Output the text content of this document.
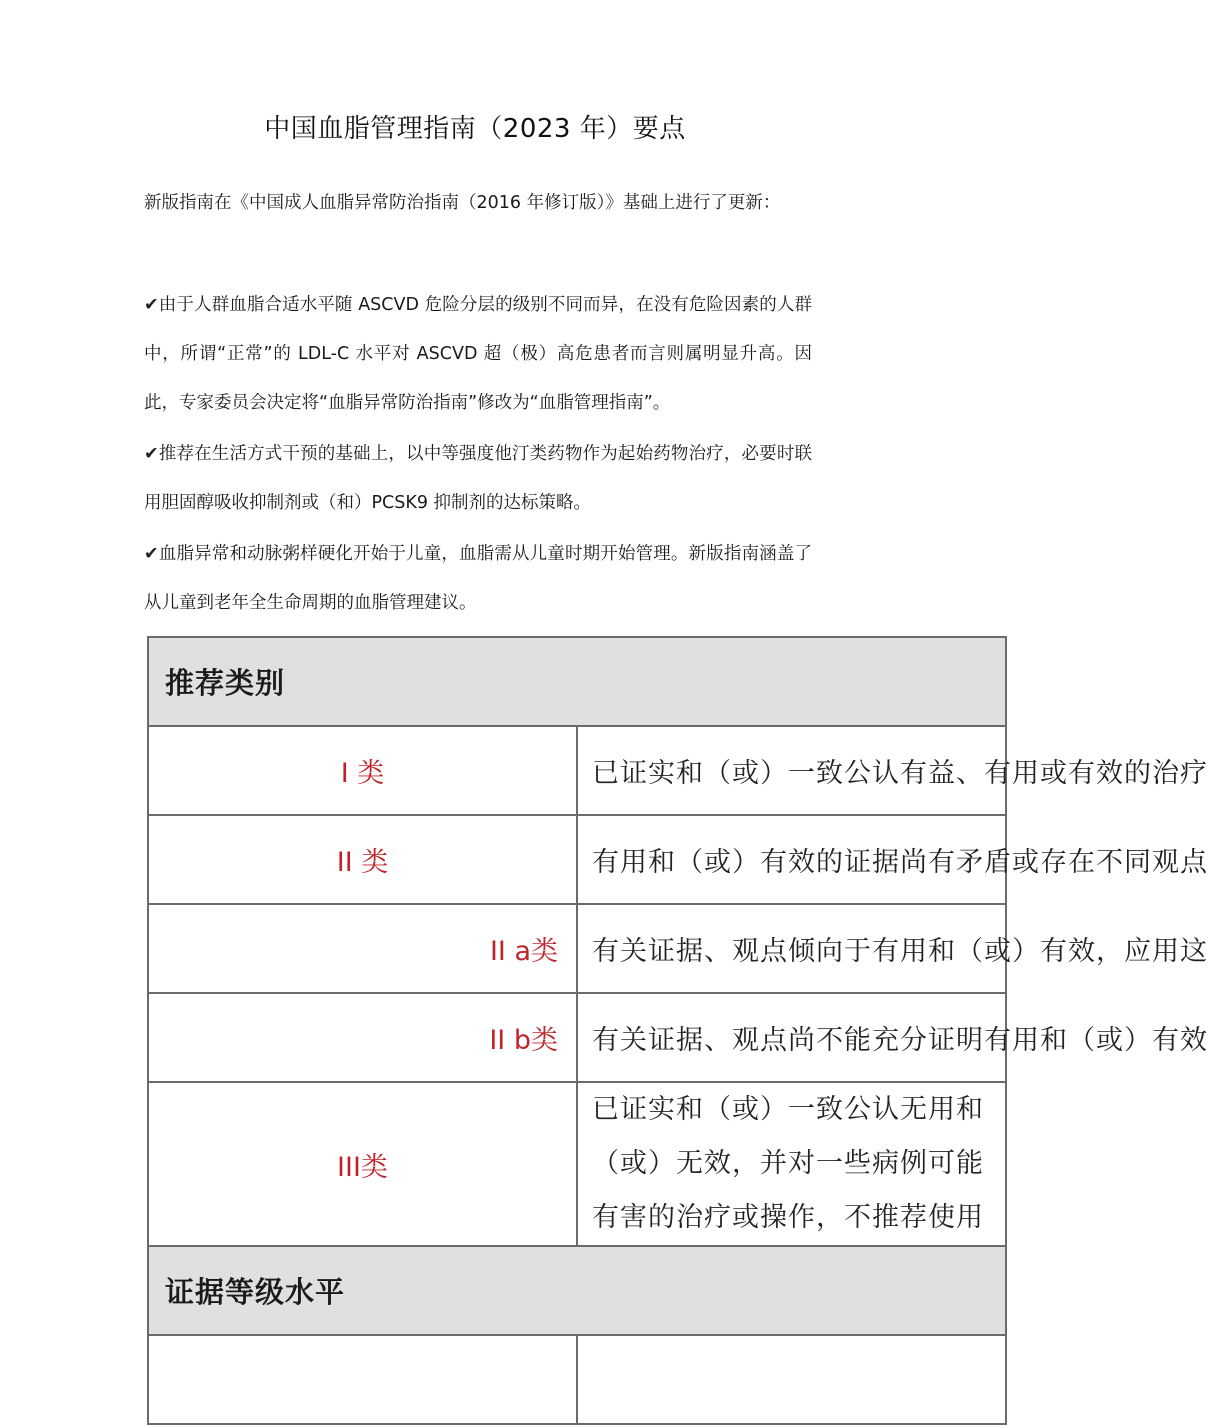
中国血脂管理指南（2023 年）要点
新版指南在《中国成人血脂异常防治指南（2016 年修订版）》基础上进行了更新：
✔由于人群血脂合适水平随 ASCVD 危险分层的级别不同而异，在没有危险因素的人群中，所谓“正常”的 LDL-C 水平对 ASCVD 超（极）高危患者而言则属明显升高。因此，专家委员会决定将“血脂异常防治指南”修改为“血脂管理指南”。
✔推荐在生活方式干预的基础上，以中等强度他汀类药物作为起始药物治疗，必要时联用胆固醇吸收抑制剂或（和）PCSK9 抑制剂的达标策略。
✔血脂异常和动脉粥样硬化开始于儿童，血脂需从儿童时期开始管理。新版指南涵盖了从儿童到老年全生命周期的血脂管理建议。
推荐类别	
I 类	已证实和（或）一致公认有益、有用或有效的治疗
II 类	有用和（或）有效的证据尚有矛盾或存在不同观点
II a类	有关证据、观点倾向于有用和（或）有效，应用这
II b类	有关证据、观点尚不能充分证明有用和（或）有效
III类	已证实和（或）一致公认无用和（或）无效，并对一些病例可能有害的治疗或操作，不推荐使用
证据等级水平	
